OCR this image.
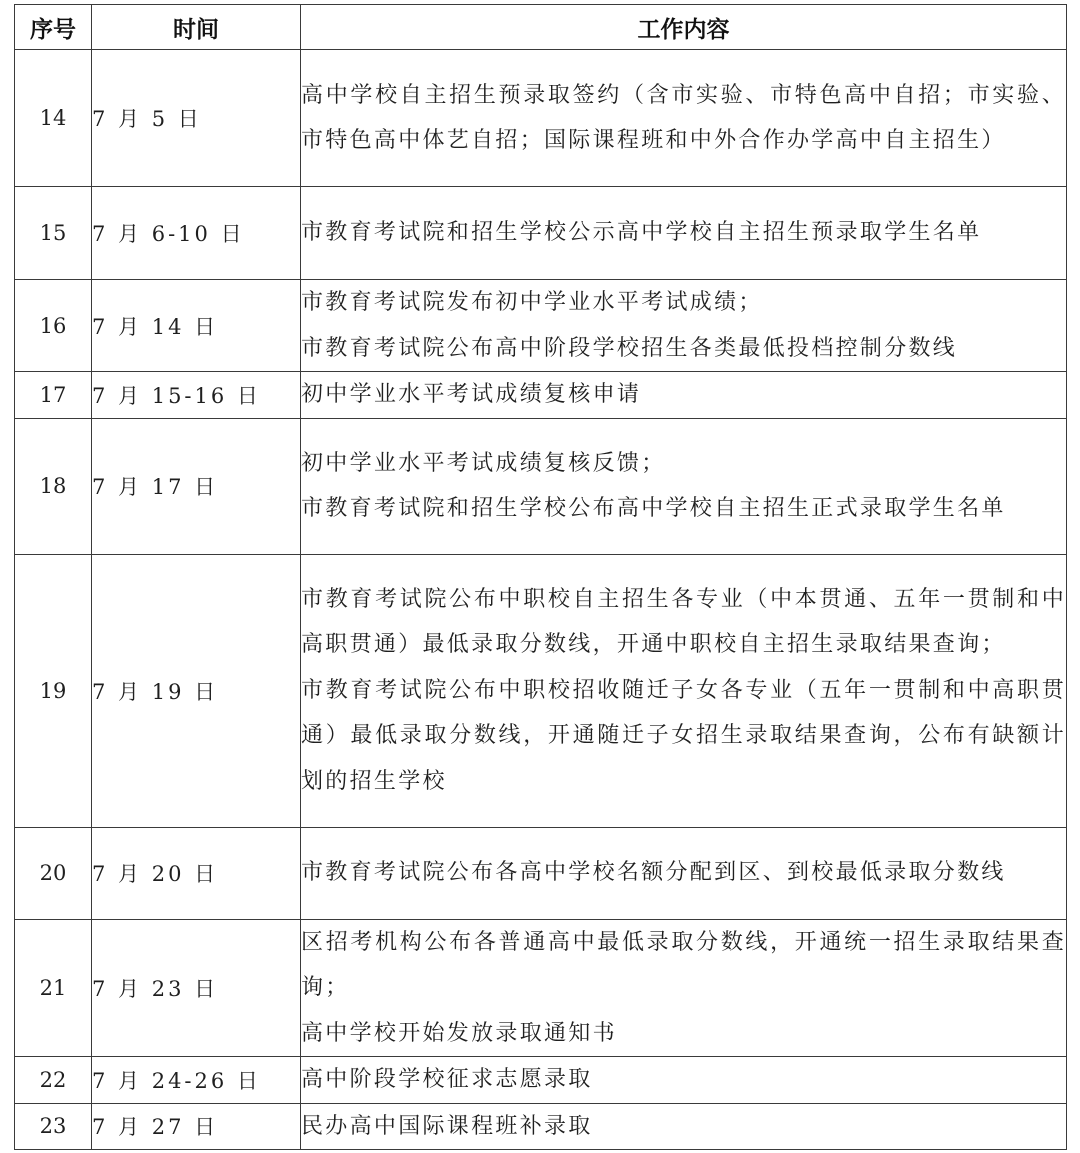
序号	时间	工作内容
14	7 月 5 日	高中学校自主招生预录取签约（含市实验、市特色高中自招；市实验、市特色高中体艺自招；国际课程班和中外合作办学高中自主招生）

15	7 月 6-10 日	市教育考试院和招生学校公示高中学校自主招生预录取学生名单

16	7 月 14 日	市教育考试院发布初中学业水平考试成绩；

市教育考试院公布高中阶段学校招生各类最低投档控制分数线

17	7 月 15-16 日	初中学业水平考试成绩复核申请

18	7 月 17 日	初中学业水平考试成绩复核反馈；

市教育考试院和招生学校公布高中学校自主招生正式录取学生名单

19	7 月 19 日	市教育考试院公布中职校自主招生各专业（中本贯通、五年一贯制和中高职贯通）最低录取分数线，开通中职校自主招生录取结果查询；

市教育考试院公布中职校招收随迁子女各专业（五年一贯制和中高职贯通）最低录取分数线，开通随迁子女招生录取结果查询，公布有缺额计划的招生学校

20	7 月 20 日	市教育考试院公布各高中学校名额分配到区、到校最低录取分数线

21	7 月 23 日	区招考机构公布各普通高中最低录取分数线，开通统一招生录取结果查询；

高中学校开始发放录取通知书

22	7 月 24-26 日	高中阶段学校征求志愿录取

23	7 月 27 日	民办高中国际课程班补录取
